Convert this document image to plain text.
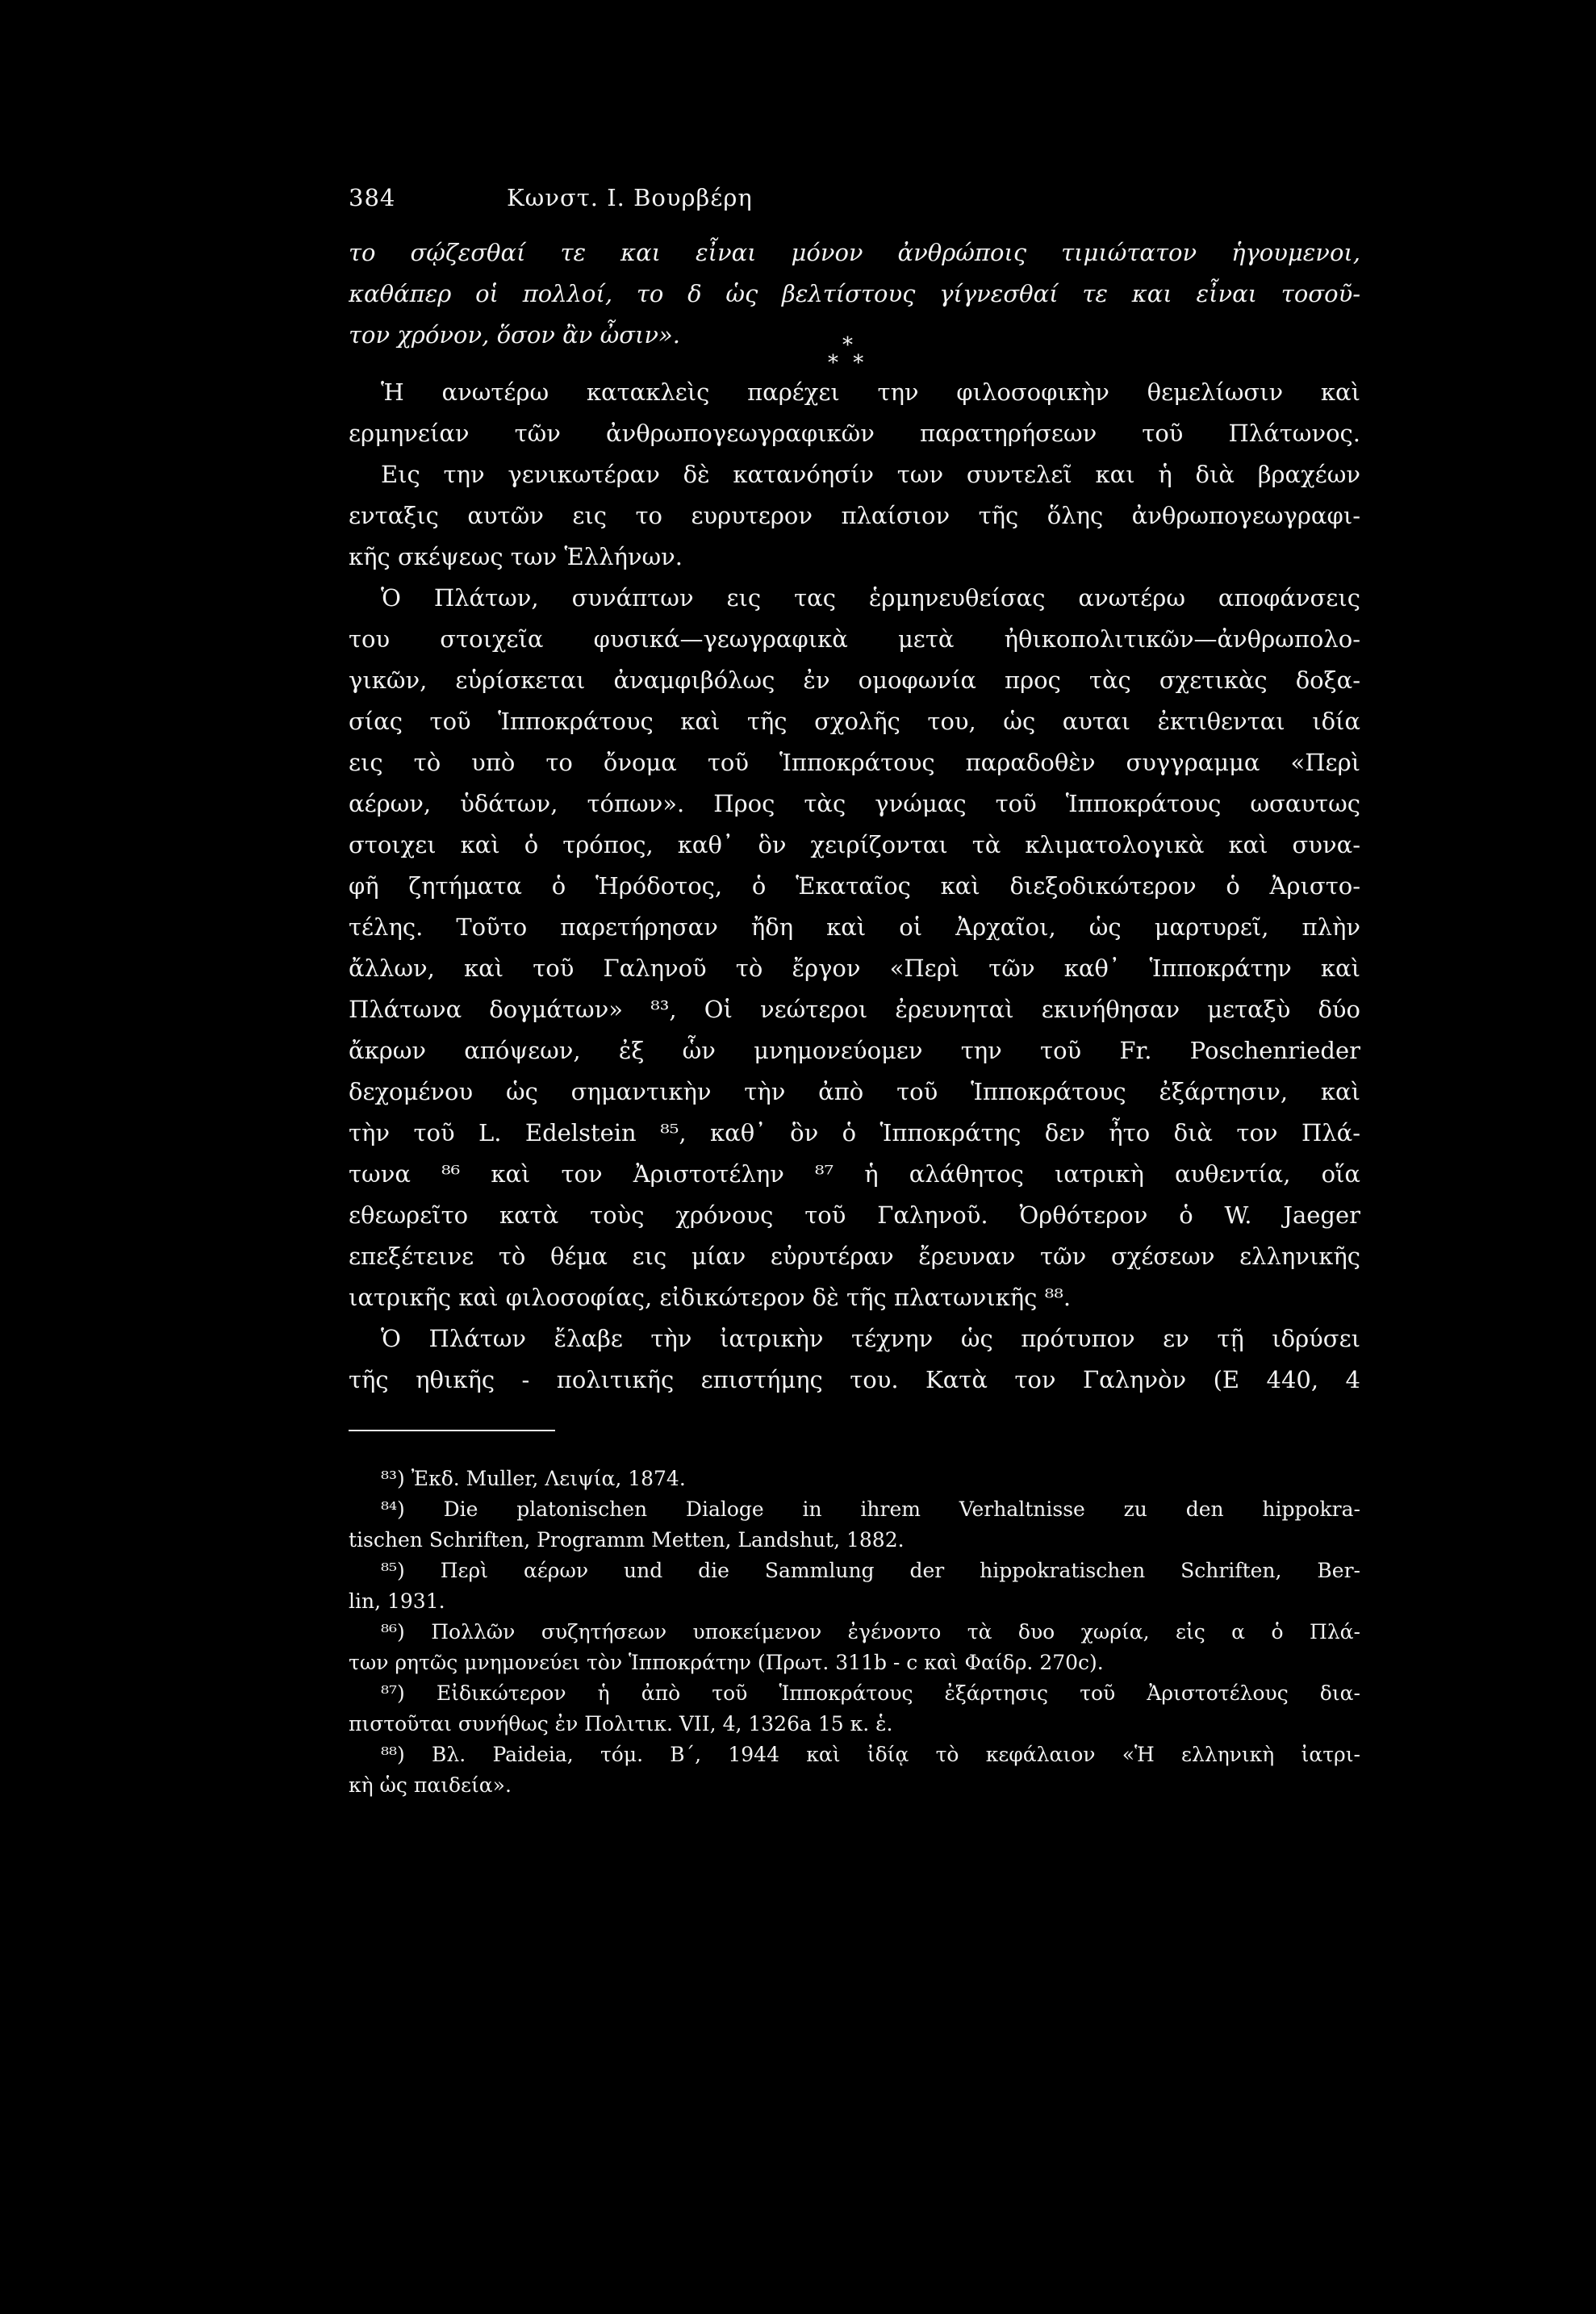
384	Κωνστ. Ι. Βουρβέρη
το σῴζεσθαί τε και εἶναι μόνον ἀνθρώποις τιμιώτατον ἡγουμενοι,
καθάπερ οἱ πολλοί, το δ ὡς βελτίστους γίγνεσθαί τε και εἶναι τοσοῦ-
τον χρόνον, ὅσον ἂν ὦσιν».	*
* *
Ἡ ανωτέρω κατακλεὶς παρέχει την φιλοσοφικὴν θεμελίωσιν καὶ
ερμηνείαν τῶν ἀνθρωπογεωγραφικῶν παρατηρήσεων τοῦ Πλάτωνος.
Εις την γενικωτέραν δὲ κατανόησίν των συντελεῖ και ἡ διὰ βραχέων
ενταξις αυτῶν εις το ευρυτερον πλαίσιον τῆς ὅλης ἀνθρωπογεωγραφι-
κῆς σκέψεως των Ἑλλήνων.
Ὁ Πλάτων, συνάπτων εις τας ἑρμηνευθείσας ανωτέρω αποφάνσεις
του στοιχεῖα φυσικά—γεωγραφικὰ μετὰ ἠθικοπολιτικῶν—ἀνθρωπολο-
γικῶν, εὑρίσκεται ἀναμφιβόλως ἐν ομοφωνία προς τὰς σχετικὰς δοξα-
σίας τοῦ Ἱπποκράτους καὶ τῆς σχολῆς του, ὡς αυται ἐκτιθενται ιδία
εις τὸ υπὸ το ὄνομα τοῦ Ἱπποκράτους παραδοθὲν συγγραμμα «Περὶ
αέρων, ὑδάτων, τόπων». Προς τὰς γνώμας τοῦ Ἱπποκράτους ωσαυτως
στοιχει καὶ ὁ τρόπος, καθ᾿ ὃν χειρίζονται τὰ κλιματολογικὰ καὶ συνα-
φῆ ζητήματα ὁ Ἡρόδοτος, ὁ Ἑκαταῖος καὶ διεξοδικώτερον ὁ Ἀριστο-
τέλης. Τοῦτο παρετήρησαν ἤδη καὶ οἱ Ἀρχαῖοι, ὡς μαρτυρεῖ, πλὴν
ἄλλων, καὶ τοῦ Γαληνοῦ τὸ ἔργον «Περὶ τῶν καθ᾿ Ἱπποκράτην καὶ
Πλάτωνα δογμάτων» ⁸³, Οἱ νεώτεροι ἐρευνηταὶ εκινήθησαν μεταξὺ δύο
ἄκρων απόψεων, ἐξ ὧν μνημονεύομεν την τοῦ Fr. Poschenrieder
δεχομένου ὡς σημαντικὴν τὴν ἀπὸ τοῦ Ἱπποκράτους ἐξάρτησιν, καὶ
τὴν τοῦ L. Edelstein ⁸⁵, καθ᾿ ὃν ὁ Ἱπποκράτης δεν ἦτο διὰ τον Πλά-
τωνα ⁸⁶ καὶ τον Ἀριστοτέλην ⁸⁷ ἡ αλάθητος ιατρικὴ αυθεντία, οἵα
εθεωρεῖτο κατὰ τοὺς χρόνους τοῦ Γαληνοῦ. Ὀρθότερον ὁ W. Jaeger
επεξέτεινε τὸ θέμα εις μίαν εὐρυτέραν ἔρευναν τῶν σχέσεων ελληνικῆς
ιατρικῆς καὶ φιλοσοφίας, εἰδικώτερον δὲ τῆς πλατωνικῆς ⁸⁸.
Ὁ Πλάτων ἔλαβε τὴν ἰατρικὴν τέχνην ὡς πρότυπον εν τῇ ιδρύσει
τῆς ηθικῆς - πολιτικῆς επιστήμης του. Κατὰ τον Γαληνὸν (Ε 440, 4
⁸³) Ἐκδ. Muller, Λειψία, 1874.
⁸⁴) Die platonischen Dialoge in ihrem Verhaltnisse zu den hippokra-
tischen Schriften, Programm Metten, Landshut, 1882.
⁸⁵) Περὶ αέρων und die Sammlung der hippokratischen Schriften, Ber-
lin, 1931.
⁸⁶) Πολλῶν συζητήσεων υποκείμενον ἐγένοντο τὰ δυο χωρία, εἰς α ὁ Πλά-
των ρητῶς μνημονεύει τὸν Ἱπποκράτην (Πρωτ. 311b - c καὶ Φαίδρ. 270c).
⁸⁷) Εἰδικώτερον ἡ ἀπὸ τοῦ Ἱπποκράτους ἐξάρτησις τοῦ Ἀριστοτέλους δια-
πιστοῦται συνήθως ἐν Πολιτικ. VII, 4, 1326a 15 κ. ἑ.
⁸⁸) Βλ. Paideia, τόμ. Β΄, 1944 καὶ ἰδίᾳ τὸ κεφάλαιον «Ἡ ελληνικὴ ἰατρι-
κὴ ὡς παιδεία».
